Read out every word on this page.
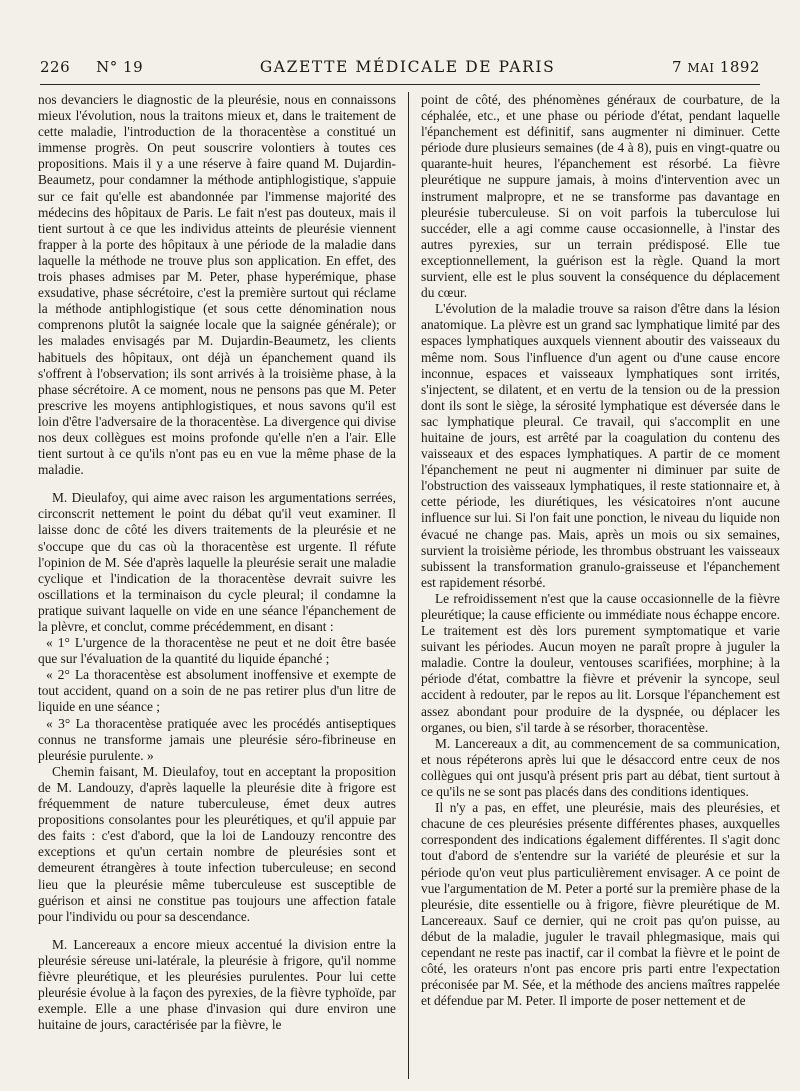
226 N° 19	GAZETTE MÉDICALE DE PARIS	7 MAI 1892

nos devanciers le diagnostic de la pleurésie, nous en connaissons mieux l'évolution, nous la traitons mieux et, dans le traitement de cette maladie, l'introduction de la thoracentèse a constitué un immense progrès. On peut souscrire volontiers à toutes ces propositions. Mais il y a une réserve à faire quand M. Dujardin-Beaumetz, pour condamner la méthode antiphlogistique, s'appuie sur ce fait qu'elle est abandonnée par l'immense majorité des médecins des hôpitaux de Paris. Le fait n'est pas douteux, mais il tient surtout à ce que les individus atteints de pleurésie viennent frapper à la porte des hôpitaux à une période de la maladie dans laquelle la méthode ne trouve plus son application. En effet, des trois phases admises par M. Peter, phase hyperémique, phase exsudative, phase sécrétoire, c'est la première surtout qui réclame la méthode antiphlogistique (et sous cette dénomination nous comprenons plutôt la saignée locale que la saignée générale); or les malades envisagés par M. Dujardin-Beaumetz, les clients habituels des hôpitaux, ont déjà un épanchement quand ils s'offrent à l'observation; ils sont arrivés à la troisième phase, à la phase sécrétoire. A ce moment, nous ne pensons pas que M. Peter prescrive les moyens antiphlogistiques, et nous savons qu'il est loin d'être l'adversaire de la thoracentèse. La divergence qui divise nos deux collègues est moins profonde qu'elle n'en a l'air. Elle tient surtout à ce qu'ils n'ont pas eu en vue la même phase de la maladie.

M. Dieulafoy, qui aime avec raison les argumentations serrées, circonscrit nettement le point du débat qu'il veut examiner. Il laisse donc de côté les divers traitements de la pleurésie et ne s'occupe que du cas où la thoracentèse est urgente. Il réfute l'opinion de M. Sée d'après laquelle la pleurésie serait une maladie cyclique et l'indication de la thoracentèse devrait suivre les oscillations et la terminaison du cycle pleural; il condamne la pratique suivant laquelle on vide en une séance l'épanchement de la plèvre, et conclut, comme précédemment, en disant :

« 1° L'urgence de la thoracentèse ne peut et ne doit être basée que sur l'évaluation de la quantité du liquide épanché ;

« 2° La thoracentèse est absolument inoffensive et exempte de tout accident, quand on a soin de ne pas retirer plus d'un litre de liquide en une séance ;

« 3° La thoracentèse pratiquée avec les procédés antiseptiques connus ne transforme jamais une pleurésie séro-fibrineuse en pleurésie purulente. »

Chemin faisant, M. Dieulafoy, tout en acceptant la proposition de M. Landouzy, d'après laquelle la pleurésie dite à frigore est fréquemment de nature tuberculeuse, émet deux autres propositions consolantes pour les pleurétiques, et qu'il appuie par des faits : c'est d'abord, que la loi de Landouzy rencontre des exceptions et qu'un certain nombre de pleurésies sont et demeurent étrangères à toute infection tuberculeuse; en second lieu que la pleurésie même tuberculeuse est susceptible de guérison et ainsi ne constitue pas toujours une affection fatale pour l'individu ou pour sa descendance.

M. Lancereaux a encore mieux accentué la division entre la pleurésie séreuse uni-latérale, la pleurésie à frigore, qu'il nomme fièvre pleurétique, et les pleurésies purulentes. Pour lui cette pleurésie évolue à la façon des pyrexies, de la fièvre typhoïde, par exemple. Elle a une phase d'invasion qui dure environ une huitaine de jours, caractérisée par la fièvre, le

point de côté, des phénomènes généraux de courbature, de la céphalée, etc., et une phase ou période d'état, pendant laquelle l'épanchement est définitif, sans augmenter ni diminuer. Cette période dure plusieurs semaines (de 4 à 8), puis en vingt-quatre ou quarante-huit heures, l'épanchement est résorbé. La fièvre pleurétique ne suppure jamais, à moins d'intervention avec un instrument malpropre, et ne se transforme pas davantage en pleurésie tuberculeuse. Si on voit parfois la tuberculose lui succéder, elle a agi comme cause occasionnelle, à l'instar des autres pyrexies, sur un terrain prédisposé. Elle tue exceptionnellement, la guérison est la règle. Quand la mort survient, elle est le plus souvent la conséquence du déplacement du cœur.

L'évolution de la maladie trouve sa raison d'être dans la lésion anatomique. La plèvre est un grand sac lymphatique limité par des espaces lymphatiques auxquels viennent aboutir des vaisseaux du même nom. Sous l'influence d'un agent ou d'une cause encore inconnue, espaces et vaisseaux lymphatiques sont irrités, s'injectent, se dilatent, et en vertu de la tension ou de la pression dont ils sont le siège, la sérosité lymphatique est déversée dans le sac lymphatique pleural. Ce travail, qui s'accomplit en une huitaine de jours, est arrêté par la coagulation du contenu des vaisseaux et des espaces lymphatiques. A partir de ce moment l'épanchement ne peut ni augmenter ni diminuer par suite de l'obstruction des vaisseaux lymphatiques, il reste stationnaire et, à cette période, les diurétiques, les vésicatoires n'ont aucune influence sur lui. Si l'on fait une ponction, le niveau du liquide non évacué ne change pas. Mais, après un mois ou six semaines, survient la troisième période, les thrombus obstruant les vaisseaux subissent la transformation granulo-graisseuse et l'épanchement est rapidement résorbé.

Le refroidissement n'est que la cause occasionnelle de la fièvre pleurétique; la cause efficiente ou immédiate nous échappe encore. Le traitement est dès lors purement symptomatique et varie suivant les périodes. Aucun moyen ne paraît propre à juguler la maladie. Contre la douleur, ventouses scarifiées, morphine; à la période d'état, combattre la fièvre et prévenir la syncope, seul accident à redouter, par le repos au lit. Lorsque l'épanchement est assez abondant pour produire de la dyspnée, ou déplacer les organes, ou bien, s'il tarde à se résorber, thoracentèse.

M. Lancereaux a dit, au commencement de sa communication, et nous répéterons après lui que le désaccord entre ceux de nos collègues qui ont jusqu'à présent pris part au débat, tient surtout à ce qu'ils ne se sont pas placés dans des conditions identiques.

Il n'y a pas, en effet, une pleurésie, mais des pleurésies, et chacune de ces pleurésies présente différentes phases, auxquelles correspondent des indications également différentes. Il s'agit donc tout d'abord de s'entendre sur la variété de pleurésie et sur la période qu'on veut plus particulièrement envisager. A ce point de vue l'argumentation de M. Peter a porté sur la première phase de la pleurésie, dite essentielle ou à frigore, fièvre pleurétique de M. Lancereaux. Sauf ce dernier, qui ne croit pas qu'on puisse, au début de la maladie, juguler le travail phlegmasique, mais qui cependant ne reste pas inactif, car il combat la fièvre et le point de côté, les orateurs n'ont pas encore pris parti entre l'expectation préconisée par M. Sée, et la méthode des anciens maîtres rappelée et défendue par M. Peter. Il importe de poser nettement et de
